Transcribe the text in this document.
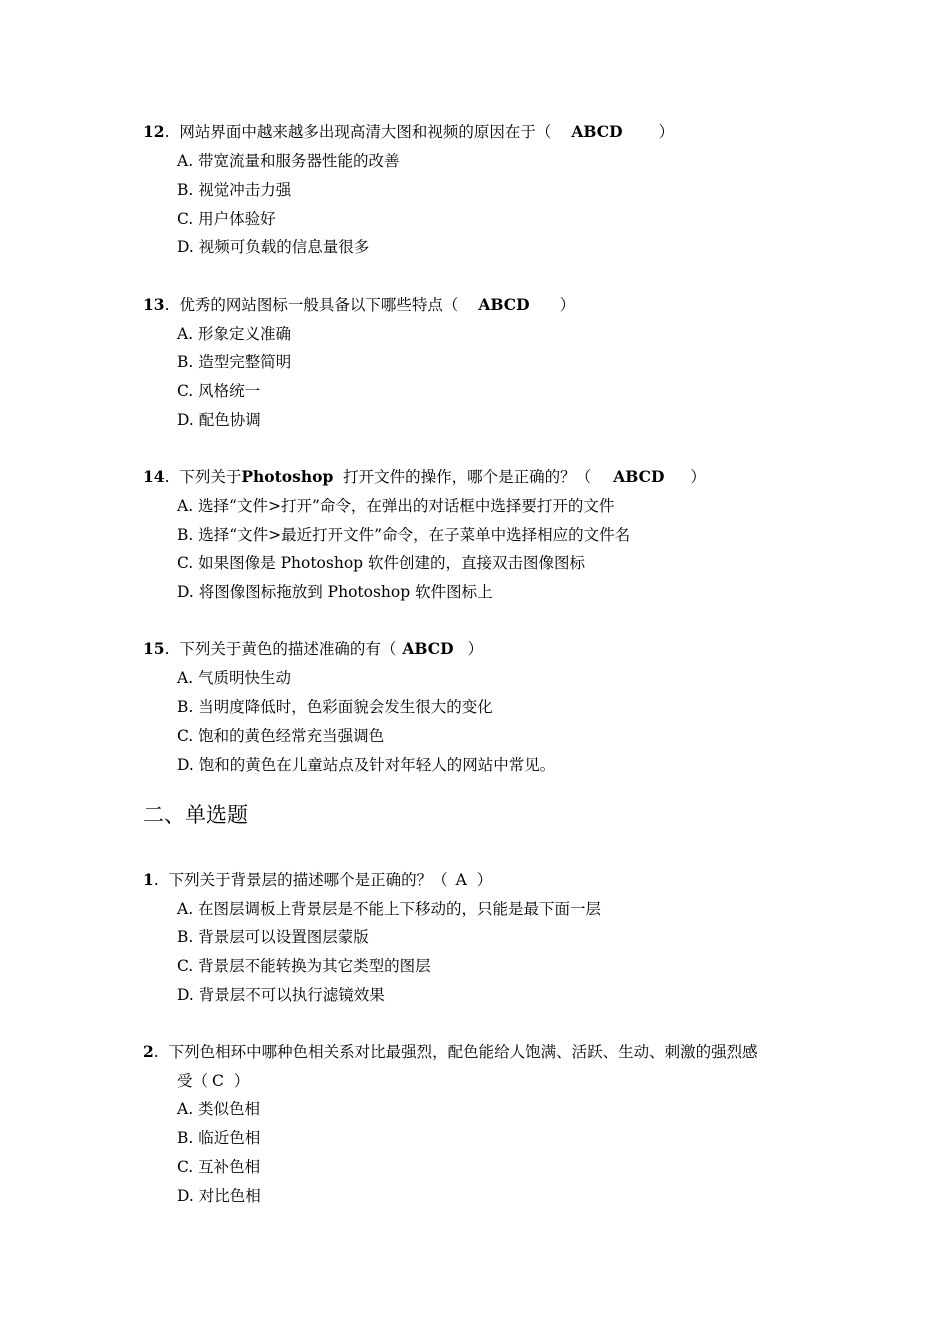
12.  网站界面中越来越多出现高清大图和视频的原因在于（ ABCD ）
A. 带宽流量和服务器性能的改善
B. 视觉冲击力强
C. 用户体验好
D. 视频可负载的信息量很多
13.  优秀的网站图标一般具备以下哪些特点（ ABCD ）
A. 形象定义准确
B. 造型完整简明
C. 风格统一
D. 配色协调
14.  下列关于Photoshop 打开文件的操作，哪个是正确的？（ ABCD ）
A. 选择“文件>打开”命令，在弹出的对话框中选择要打开的文件
B. 选择“文件>最近打开文件”命令，在子菜单中选择相应的文件名
C. 如果图像是 Photoshop 软件创建的，直接双击图像图标
D. 将图像图标拖放到 Photoshop 软件图标上
15.  下列关于黄色的描述准确的有（ ABCD ）
A. 气质明快生动
B. 当明度降低时，色彩面貌会发生很大的变化
C. 饱和的黄色经常充当强调色
D. 饱和的黄色在儿童站点及针对年轻人的网站中常见。
二、单选题
1.  下列关于背景层的描述哪个是正确的？（ A ）
A. 在图层调板上背景层是不能上下移动的，只能是最下面一层
B. 背景层可以设置图层蒙版
C. 背景层不能转换为其它类型的图层
D. 背景层不可以执行滤镜效果
2.  下列色相环中哪种色相关系对比最强烈，配色能给人饱满、活跃、生动、刺激的强烈感
受（ C ）
A. 类似色相
B. 临近色相
C. 互补色相
D. 对比色相
